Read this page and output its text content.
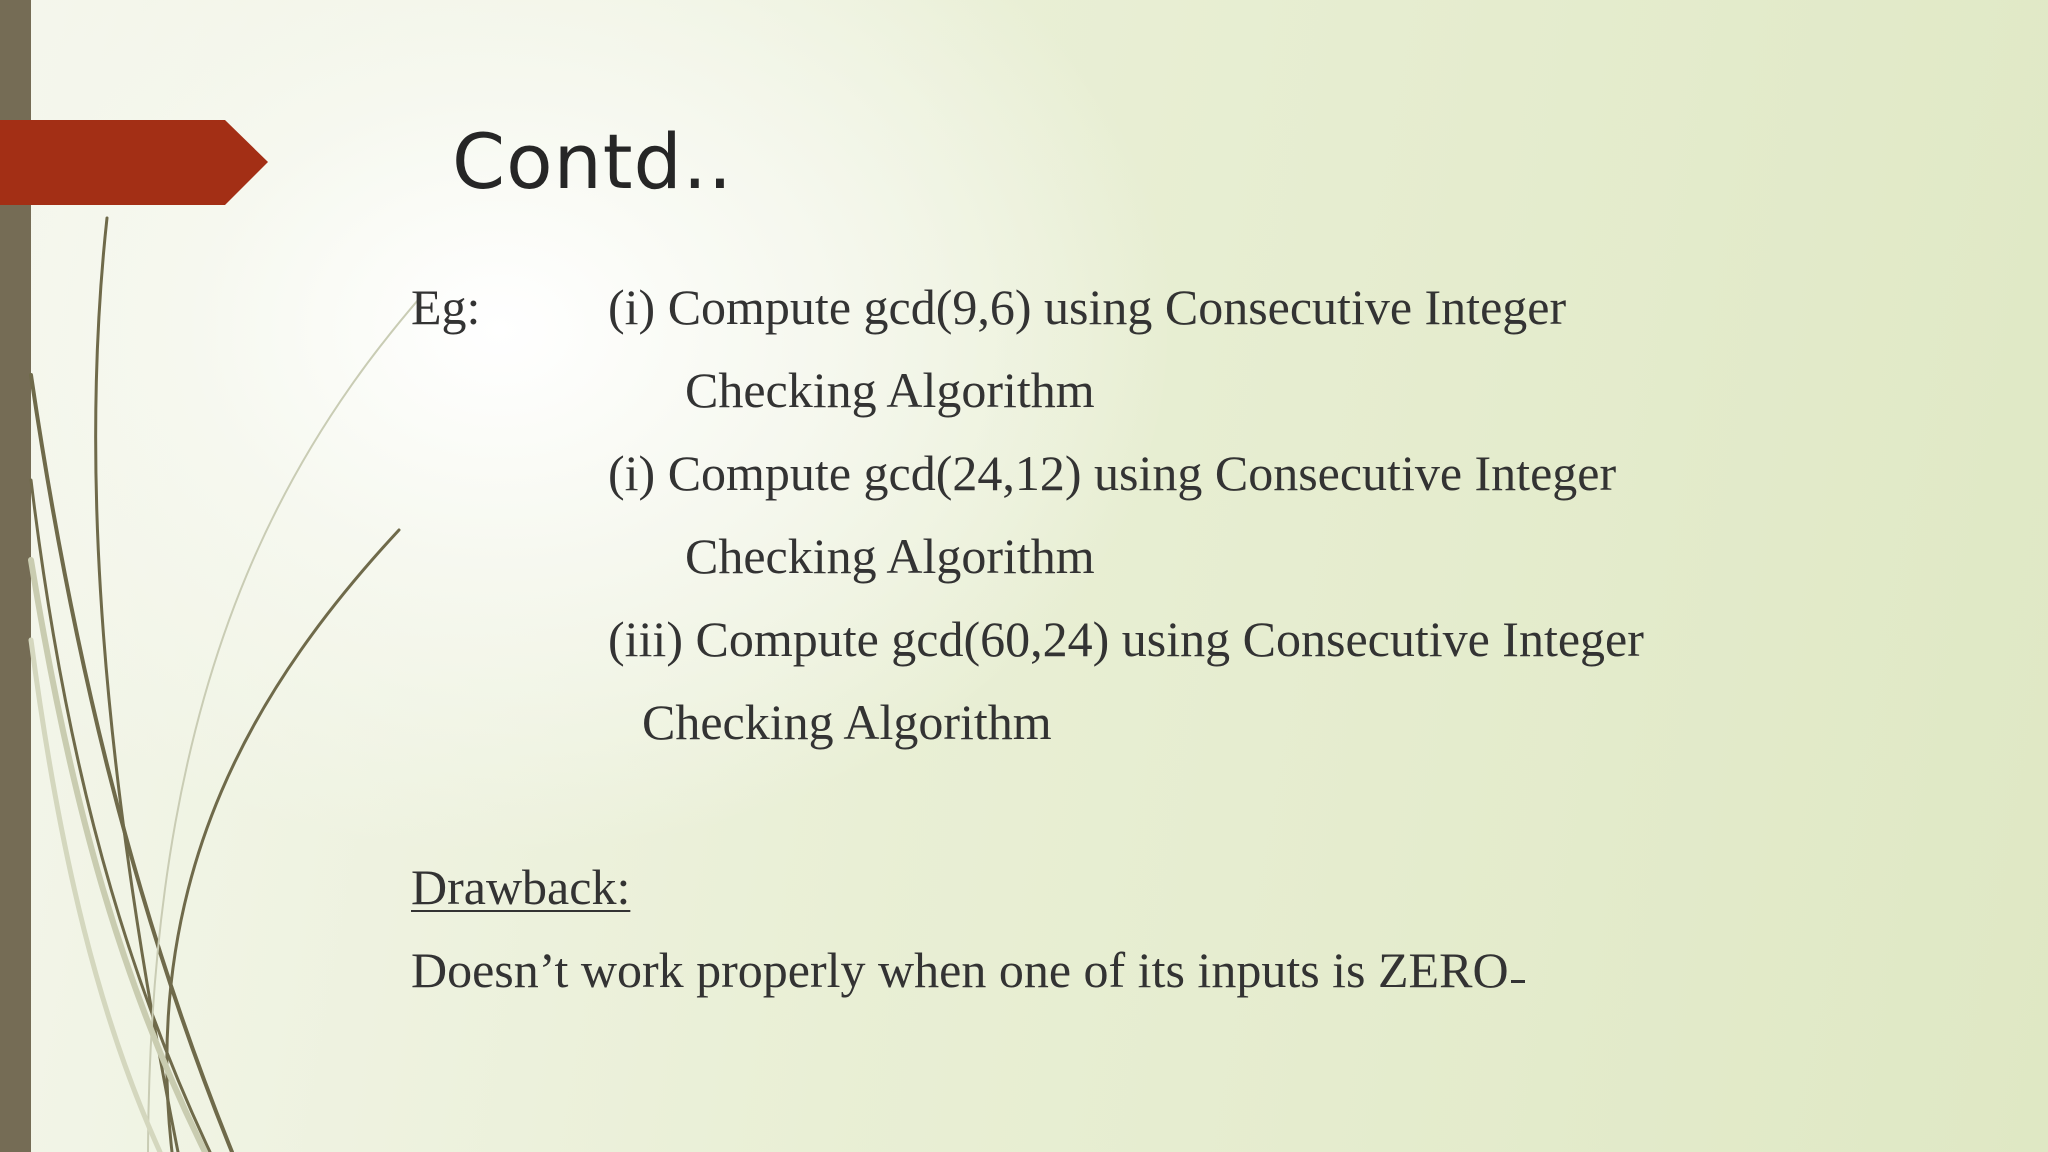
Contd..
Eg:	(i) Compute gcd(9,6) using Consecutive Integer
Checking Algorithm
(i) Compute gcd(24,12) using Consecutive Integer
Checking Algorithm
(iii) Compute gcd(60,24) using Consecutive Integer
Checking Algorithm
Drawback:
Doesn’t work properly when one of its inputs is ZERO
